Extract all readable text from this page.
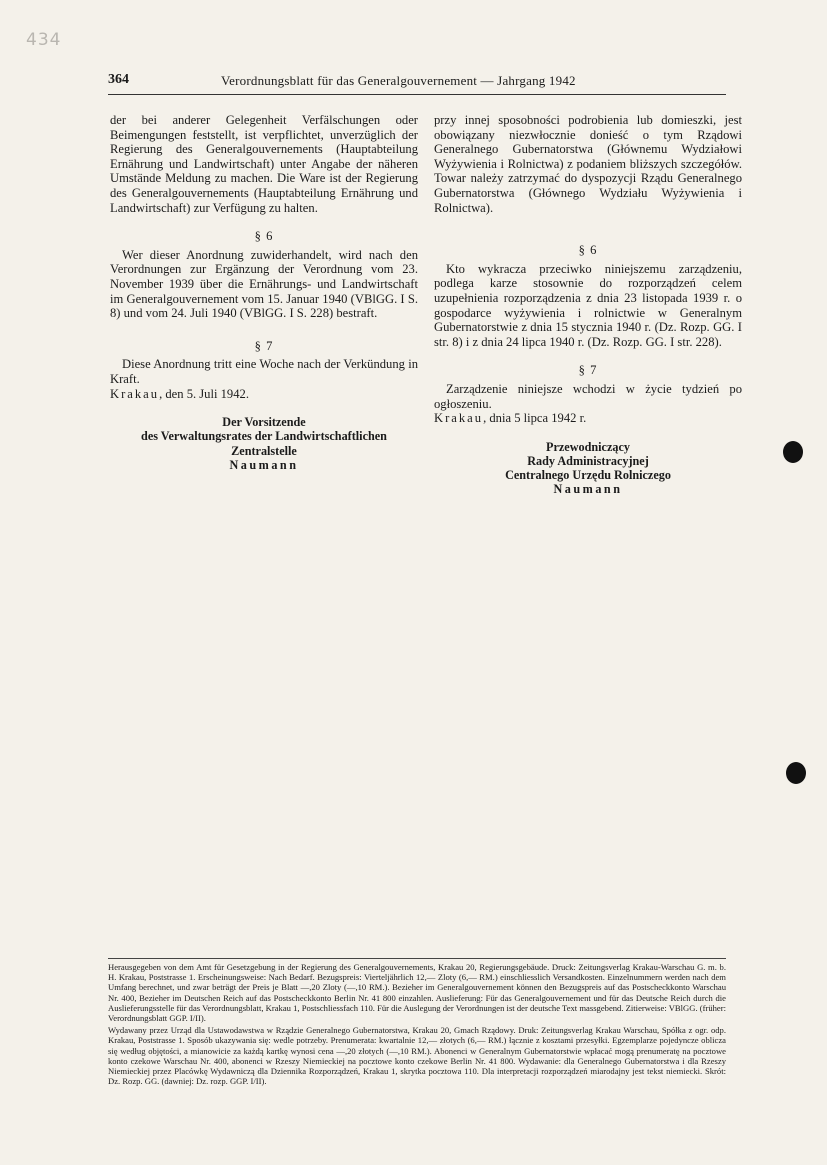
434
364	Verordnungsblatt für das Generalgouvernement — Jahrgang 1942

der bei anderer Gelegenheit Verfälschungen oder Beimengungen feststellt, ist verpflichtet, unverzüglich der Regierung des Generalgouvernements (Hauptabteilung Ernährung und Landwirtschaft) unter Angabe der näheren Umstände Meldung zu machen. Die Ware ist der Regierung des Generalgouvernements (Hauptabteilung Ernährung und Landwirtschaft) zur Verfügung zu halten.

§ 6

Wer dieser Anordnung zuwiderhandelt, wird nach den Verordnungen zur Ergänzung der Verordnung vom 23. November 1939 über die Ernährungs- und Landwirtschaft im Generalgouvernement vom 15. Januar 1940 (VBlGG. I S. 8) und vom 24. Juli 1940 (VBlGG. I S. 228) bestraft.

§ 7

Diese Anordnung tritt eine Woche nach der Verkündung in Kraft.

Krakau, den 5. Juli 1942.

Der Vorsitzende
des Verwaltungsrates der Landwirtschaftlichen
Zentralstelle
Naumann

przy innej sposobności podrobienia lub domieszki, jest obowiązany niezwłocznie donieść o tym Rządowi Generalnego Gubernatorstwa (Głównemu Wydziałowi Wyżywienia i Rolnictwa) z podaniem bliższych szczegółów. Towar należy zatrzymać do dyspozycji Rządu Generalnego Gubernatorstwa (Głównego Wydziału Wyżywienia i Rolnictwa).

§ 6

Kto wykracza przeciwko niniejszemu zarządzeniu, podlega karze stosownie do rozporządzeń celem uzupełnienia rozporządzenia z dnia 23 listopada 1939 r. o gospodarce wyżywienia i rolnictwie w Generalnym Gubernatorstwie z dnia 15 stycznia 1940 r. (Dz. Rozp. GG. I str. 8) i z dnia 24 lipca 1940 r. (Dz. Rozp. GG. I str. 228).

§ 7

Zarządzenie niniejsze wchodzi w życie tydzień po ogłoszeniu.

Krakau, dnia 5 lipca 1942 r.

Przewodniczący
Rady Administracyjnej
Centralnego Urzędu Rolniczego
Naumann

Herausgegeben von dem Amt für Gesetzgebung in der Regierung des Generalgouvernements, Krakau 20, Regierungsgebäude. Druck: Zeitungsverlag Krakau-Warschau G. m. b. H. Krakau, Poststrasse 1. Erscheinungsweise: Nach Bedarf. Bezugspreis: Vierteljährlich 12,— Zloty (6,— RM.) einschliesslich Versandkosten. Einzelnummern werden nach dem Umfang berechnet, und zwar beträgt der Preis je Blatt —,20 Zloty (—,10 RM.). Bezieher im Generalgouvernement können den Bezugspreis auf das Postscheckkonto Warschau Nr. 400, Bezieher im Deutschen Reich auf das Postscheckkonto Berlin Nr. 41 800 einzahlen. Auslieferung: Für das Generalgouvernement und für das Deutsche Reich durch die Auslieferungsstelle für das Verordnungsblatt, Krakau 1, Postschliessfach 110. Für die Auslegung der Verordnungen ist der deutsche Text massgebend. Zitierweise: VBlGG. (früher: Verordnungsblatt GGP. I/II).

Wydawany przez Urząd dla Ustawodawstwa w Rządzie Generalnego Gubernatorstwa, Krakau 20, Gmach Rządowy. Druk: Zeitungsverlag Krakau Warschau, Spółka z ogr. odp. Krakau, Poststrasse 1. Sposób ukazywania się: wedle potrzeby. Prenumerata: kwartalnie 12,— złotych (6,— RM.) łącznie z kosztami przesyłki. Egzemplarze pojedyncze oblicza się według objętości, a mianowicie za każdą kartkę wynosi cena —,20 złotych (—,10 RM.). Abonenci w Generalnym Gubernatorstwie wpłacać mogą prenumeratę na pocztowe konto czekowe Warschau Nr. 400, abonenci w Rzeszy Niemieckiej na pocztowe konto czekowe Berlin Nr. 41 800. Wydawanie: dla Generalnego Gubernatorstwa i dla Rzeszy Niemieckiej przez Placówkę Wydawniczą dla Dziennika Rozporządzeń, Krakau 1, skrytka pocztowa 110. Dla interpretacji rozporządzeń miarodajny jest tekst niemiecki. Skrót: Dz. Rozp. GG. (dawniej: Dz. rozp. GGP. I/II).
